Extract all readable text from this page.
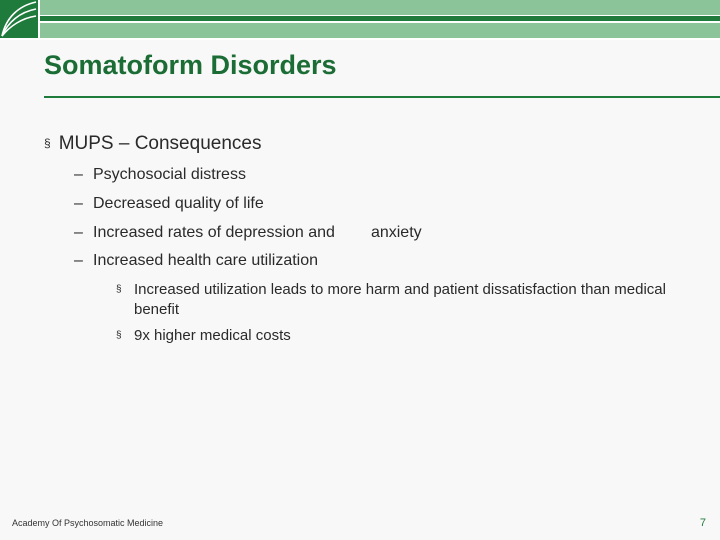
Somatoform Disorders
§ MUPS – Consequences
– Psychosocial distress
– Decreased quality of life
– Increased rates of depression and anxiety
– Increased health care utilization
§ Increased utilization leads to more harm and patient dissatisfaction than medical benefit
§ 9x higher medical costs
Academy Of Psychosomatic Medicine	7
